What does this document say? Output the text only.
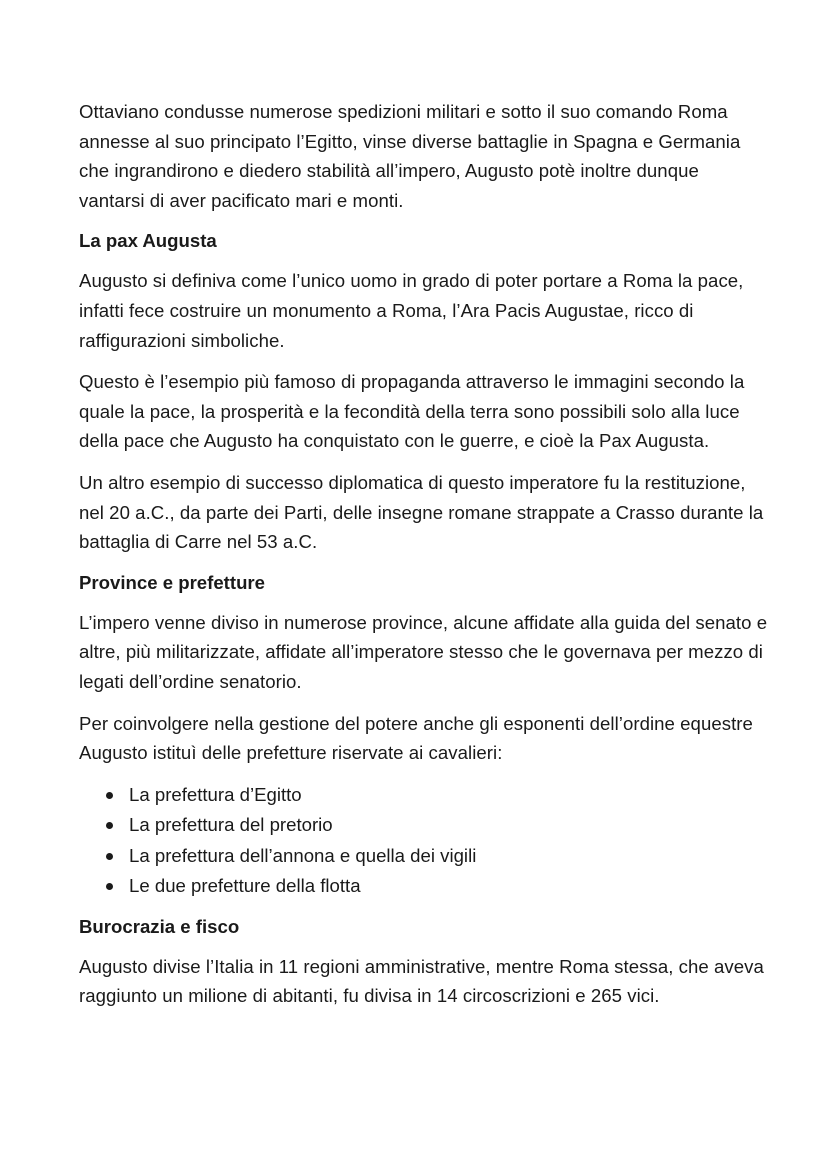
Ottaviano condusse numerose spedizioni militari e sotto il suo comando Roma annesse al suo principato l’Egitto, vinse diverse battaglie in Spagna e Germania che ingrandirono e diedero stabilità all’impero, Augusto potè inoltre dunque vantarsi di aver pacificato mari e monti.

La pax Augusta

Augusto si definiva come l’unico uomo in grado di poter portare a Roma la pace, infatti fece costruire un monumento a Roma, l’Ara Pacis Augustae, ricco di raffigurazioni simboliche.

Questo è l’esempio più famoso di propaganda attraverso le immagini secondo la quale la pace, la prosperità e la fecondità della terra sono possibili solo alla luce della pace che Augusto ha conquistato con le guerre, e cioè la Pax Augusta.

Un altro esempio di successo diplomatica di questo imperatore fu la restituzione, nel 20 a.C., da parte dei Parti, delle insegne romane strappate a Crasso durante la battaglia di Carre nel 53 a.C.

Province e prefetture

L’impero venne diviso in numerose province, alcune affidate alla guida del senato e altre, più militarizzate, affidate all’imperatore stesso che le governava per mezzo di legati dell’ordine senatorio.

Per coinvolgere nella gestione del potere anche gli esponenti dell’ordine equestre Augusto istituì delle prefetture riservate ai cavalieri:

La prefettura d’Egitto
La prefettura del pretorio
La prefettura dell’annona e quella dei vigili
Le due prefetture della flotta
Burocrazia e fisco

Augusto divise l’Italia in 11 regioni amministrative, mentre Roma stessa, che aveva raggiunto un milione di abitanti, fu divisa in 14 circoscrizioni e 265 vici.
